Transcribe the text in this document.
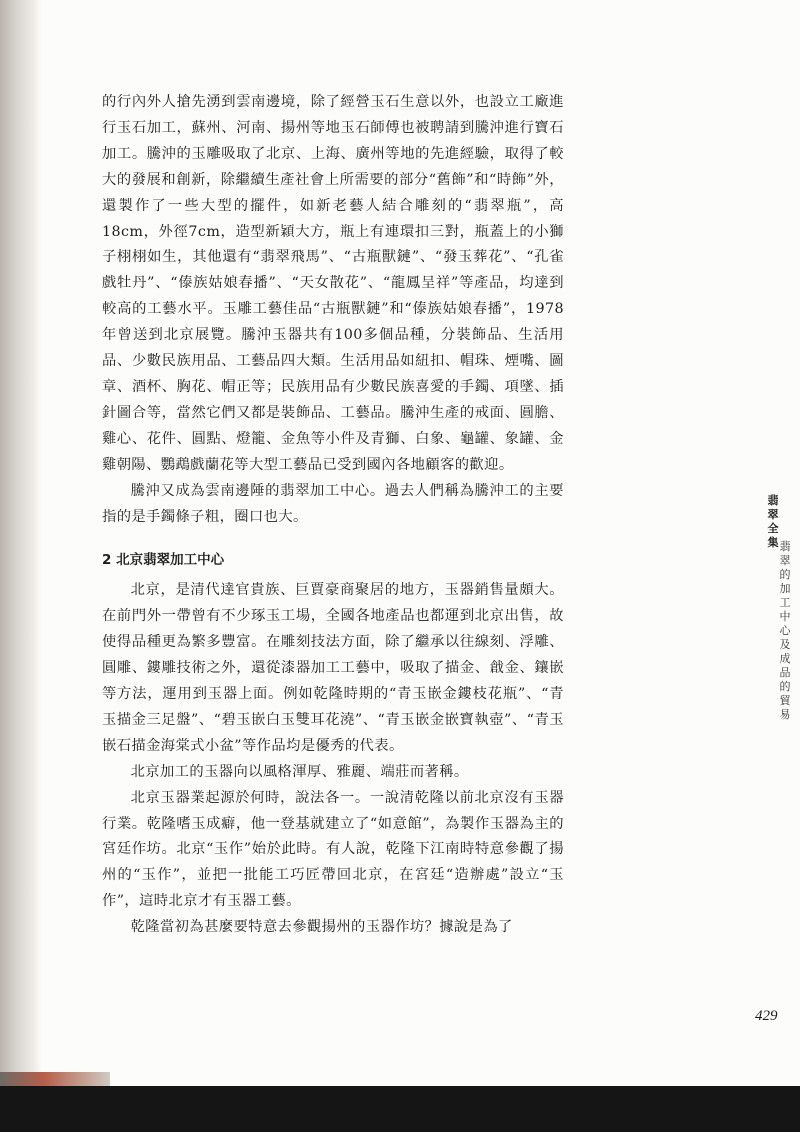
的行內外人搶先湧到雲南邊境，除了經營玉石生意以外，也設立工廠進行玉石加工，蘇州、河南、揚州等地玉石師傅也被聘請到騰沖進行寶石加工。騰沖的玉雕吸取了北京、上海、廣州等地的先進經驗，取得了較大的發展和創新，除繼續生產社會上所需要的部分“舊飾”和“時飾”外，還製作了一些大型的擺件，如新老藝人結合雕刻的“翡翠瓶”，高18cm，外徑7cm，造型新穎大方，瓶上有連環扣三對，瓶蓋上的小獅子栩栩如生，其他還有“翡翠飛馬”、“古瓶獸鏈”、“發玉葬花”、“孔雀戲牡丹”、“傣族姑娘春播”、“天女散花”、“龍鳳呈祥”等產品，均達到較高的工藝水平。玉雕工藝佳品“古瓶獸鏈”和“傣族姑娘春播”，1978年曾送到北京展覽。騰沖玉器共有100多個品種，分裝飾品、生活用品、少數民族用品、工藝品四大類。生活用品如紐扣、帽珠、煙嘴、圖章、酒杯、胸花、帽正等；民族用品有少數民族喜愛的手鐲、項墜、插針圖合等，當然它們又都是裝飾品、工藝品。騰沖生產的戒面、圓膽、雞心、花件、圓點、燈籠、金魚等小件及青獅、白象、龜罐、象罐、金雞朝陽、鸚鵡戲蘭花等大型工藝品已受到國內各地顧客的歡迎。

騰沖又成為雲南邊陲的翡翠加工中心。過去人們稱為騰沖工的主要指的是手鐲條子粗，圈口也大。

2 北京翡翠加工中心

北京，是清代達官貴族、巨賈豪商聚居的地方，玉器銷售量頗大。在前門外一帶曾有不少琢玉工場，全國各地產品也都運到北京出售，故使得品種更為繁多豐富。在雕刻技法方面，除了繼承以往線刻、浮雕、圓雕、鏤雕技術之外，還從漆器加工工藝中，吸取了描金、戧金、鑲嵌等方法，運用到玉器上面。例如乾隆時期的“青玉嵌金鏤枝花瓶”、“青玉描金三足盤”、“碧玉嵌白玉雙耳花澆”、“青玉嵌金嵌寶執壺”、“青玉嵌石描金海棠式小盆”等作品均是優秀的代表。

北京加工的玉器向以風格渾厚、雅麗、端莊而著稱。

北京玉器業起源於何時，說法各一。一說清乾隆以前北京沒有玉器行業。乾隆嗜玉成癖，他一登基就建立了“如意館”，為製作玉器為主的宮廷作坊。北京“玉作”始於此時。有人說，乾隆下江南時特意參觀了揚州的“玉作”，並把一批能工巧匠帶回北京，在宮廷“造辦處”設立“玉作”，這時北京才有玉器工藝。

乾隆當初為甚麼要特意去參觀揚州的玉器作坊？據說是為了

翡
翠
全
集 翡
翠
的
加
工
中
心
及
成
品
的
貿
易
429
